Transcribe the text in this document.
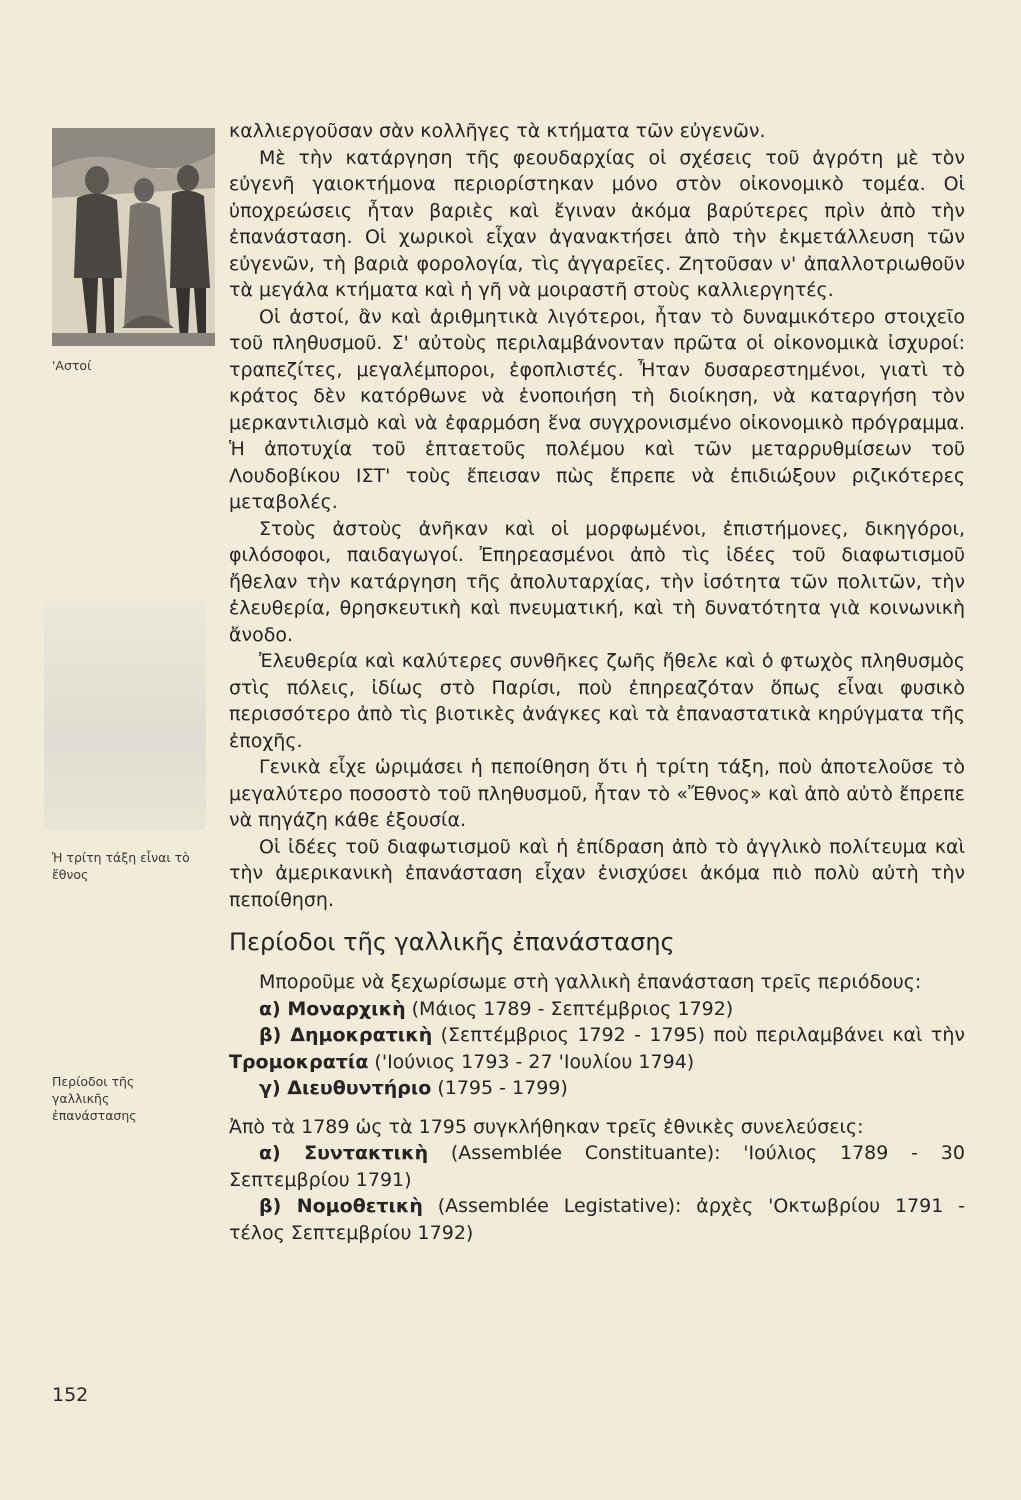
'Αστοί
Ἡ τρίτη τάξη εἶναι τὸ
ἔθνος
Περίοδοι τῆς
γαλλικῆς
ἐπανάστασης
152

καλλιεργοῦσαν σὰν κολλῆγες τὰ κτήματα τῶν εὐγενῶν.

Μὲ τὴν κατάργηση τῆς φεουδαρχίας οἱ σχέσεις τοῦ ἀγρότη μὲ τὸν εὐγενῆ γαιοκτήμονα περιορίστηκαν μόνο στὸν οἰκονομικὸ τομέα. Οἱ ὑποχρεώσεις ἦταν βαριὲς καὶ ἔγιναν ἀκόμα βαρύτερες πρὶν ἀπὸ τὴν ἐπανάσταση. Οἱ χωρικοὶ εἶχαν ἀγανακτήσει ἀπὸ τὴν ἐκμετάλλευση τῶν εὐγενῶν, τὴ βαριὰ φορολογία, τὶς ἀγγαρεῖες. Ζητοῦσαν ν' ἀπαλλοτριωθοῦν τὰ μεγάλα κτήματα καὶ ἡ γῆ νὰ μοιραστῆ στοὺς καλλιεργητές.

Οἱ ἀστοί, ἂν καὶ ἀριθμητικὰ λιγότεροι, ἦταν τὸ δυναμικότερο στοιχεῖο τοῦ πληθυσμοῦ. Σ' αὐτοὺς περιλαμβάνονταν πρῶτα οἱ οἰκονομικὰ ἰσχυροί: τραπεζίτες, μεγαλέμποροι, ἐφοπλιστές. Ἦταν δυσαρεστημένοι, γιατὶ τὸ κράτος δὲν κατόρθωνε νὰ ἑνοποιήση τὴ διοίκηση, νὰ καταργήση τὸν μερκαντιλισμὸ καὶ νὰ ἐφαρμόση ἕνα συγχρονισμένο οἰκονομικὸ πρόγραμμα. Ἡ ἀποτυχία τοῦ ἑπταετοῦς πολέμου καὶ τῶν μεταρρυθμίσεων τοῦ Λουδοβίκου ΙΣΤ' τοὺς ἔπεισαν πὼς ἔπρεπε νὰ ἐπιδιώξουν ριζικότερες μεταβολές.

Στοὺς ἀστοὺς ἀνῆκαν καὶ οἱ μορφωμένοι, ἐπιστήμονες, δικηγόροι, φιλόσοφοι, παιδαγωγοί. Ἐπηρεασμένοι ἀπὸ τὶς ἰδέες τοῦ διαφωτισμοῦ ἤθελαν τὴν κατάργηση τῆς ἀπολυταρχίας, τὴν ἰσότητα τῶν πολιτῶν, τὴν ἐλευθερία, θρησκευτικὴ καὶ πνευματική, καὶ τὴ δυνατότητα γιὰ κοινωνικὴ ἄνοδο.

Ἐλευθερία καὶ καλύτερες συνθῆκες ζωῆς ἤθελε καὶ ὁ φτωχὸς πληθυσμὸς στὶς πόλεις, ἰδίως στὸ Παρίσι, ποὺ ἐπηρεαζόταν ὅπως εἶναι φυσικὸ περισσότερο ἀπὸ τὶς βιοτικὲς ἀνάγκες καὶ τὰ ἐπαναστατικὰ κηρύγματα τῆς ἐποχῆς.

Γενικὰ εἶχε ὡριμάσει ἡ πεποίθηση ὅτι ἡ τρίτη τάξη, ποὺ ἀποτελοῦσε τὸ μεγαλύτερο ποσοστὸ τοῦ πληθυσμοῦ, ἦταν τὸ «Ἔθνος» καὶ ἀπὸ αὐτὸ ἔπρεπε νὰ πηγάζη κάθε ἐξουσία.

Οἱ ἰδέες τοῦ διαφωτισμοῦ καὶ ἡ ἐπίδραση ἀπὸ τὸ ἀγγλικὸ πολίτευμα καὶ τὴν ἀμερικανικὴ ἐπανάσταση εἶχαν ἐνισχύσει ἀκόμα πιὸ πολὺ αὐτὴ τὴν πεποίθηση.

Περίοδοι τῆς γαλλικῆς ἐπανάστασης

Μποροῦμε νὰ ξεχωρίσωμε στὴ γαλλικὴ ἐπανάσταση τρεῖς περιόδους:

α) Μοναρχικὴ (Μάιος 1789 - Σεπτέμβριος 1792)

β) Δημοκρατικὴ (Σεπτέμβριος 1792 - 1795) ποὺ περιλαμβάνει καὶ τὴν Τρομοκρατία ('Ιούνιος 1793 - 27 'Ιουλίου 1794)

γ) Διευθυντήριο (1795 - 1799)

Ἀπὸ τὰ 1789 ὡς τὰ 1795 συγκλήθηκαν τρεῖς ἐθνικὲς συνελεύσεις:

α) Συντακτικὴ (Assemblée Constituante): 'Ιούλιος 1789 - 30 Σεπτεμβρίου 1791)

β) Νομοθετικὴ (Assemblée Legistative): ἀρχὲς 'Οκτωβρίου 1791 - τέλος Σεπτεμβρίου 1792)
